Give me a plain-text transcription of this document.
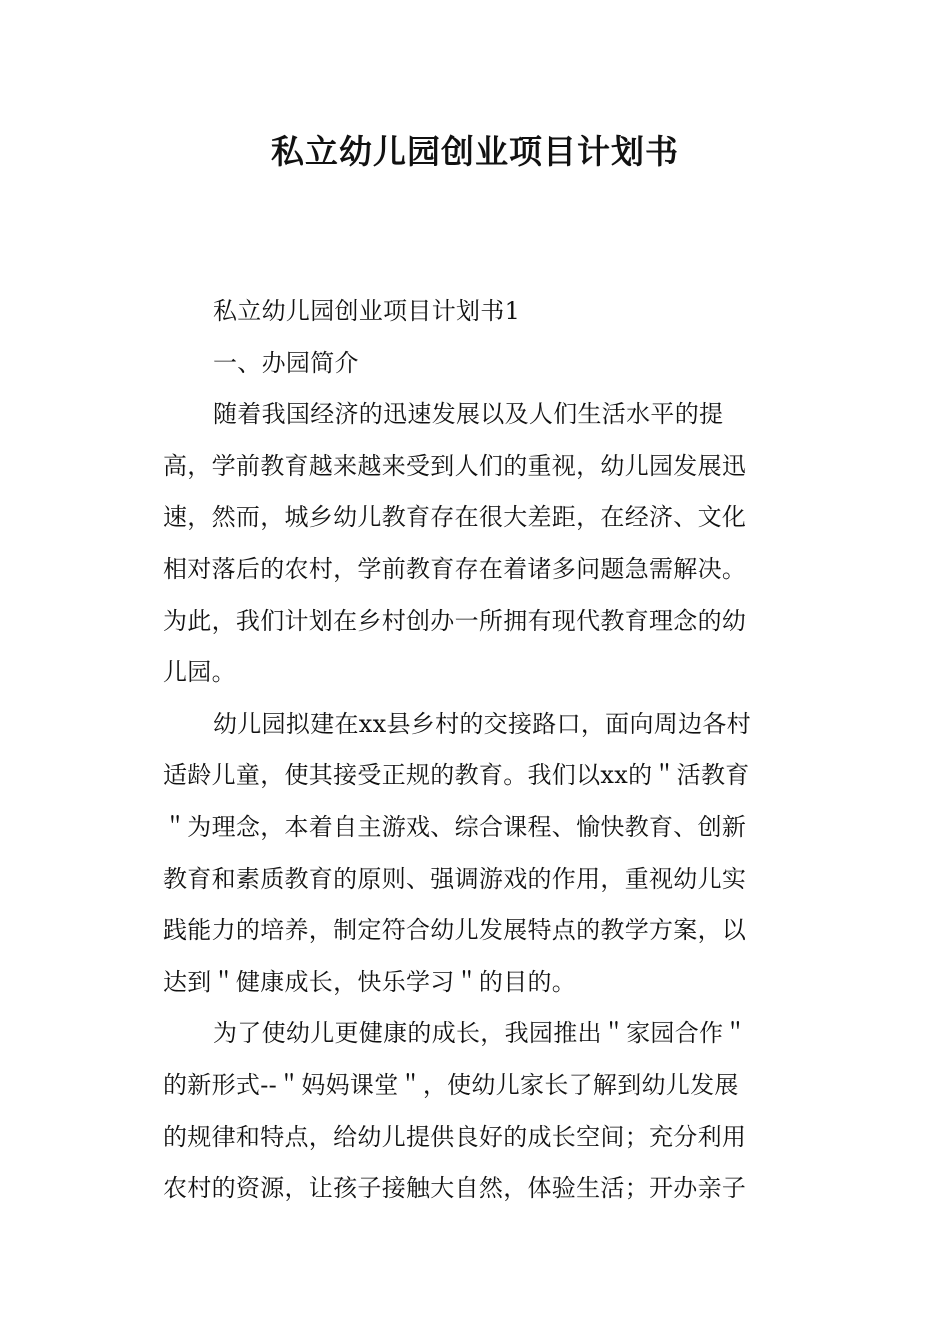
私立幼儿园创业项目计划书
私立幼儿园创业项目计划书1
一、办园简介
随着我国经济的迅速发展以及人们生活水平的提
高，学前教育越来越来受到人们的重视，幼儿园发展迅
速，然而，城乡幼儿教育存在很大差距，在经济、文化
相对落后的农村，学前教育存在着诸多问题急需解决。
为此，我们计划在乡村创办一所拥有现代教育理念的幼
儿园。
幼儿园拟建在xx县乡村的交接路口，面向周边各村
适龄儿童，使其接受正规的教育。我们以xx的＂活教育
＂为理念，本着自主游戏、综合课程、愉快教育、创新
教育和素质教育的原则、强调游戏的作用，重视幼儿实
践能力的培养，制定符合幼儿发展特点的教学方案，以
达到＂健康成长，快乐学习＂的目的。
为了使幼儿更健康的成长，我园推出＂家园合作＂
的新形式--＂妈妈课堂＂，使幼儿家长了解到幼儿发展
的规律和特点，给幼儿提供良好的成长空间；充分利用
农村的资源，让孩子接触大自然，体验生活；开办亲子
